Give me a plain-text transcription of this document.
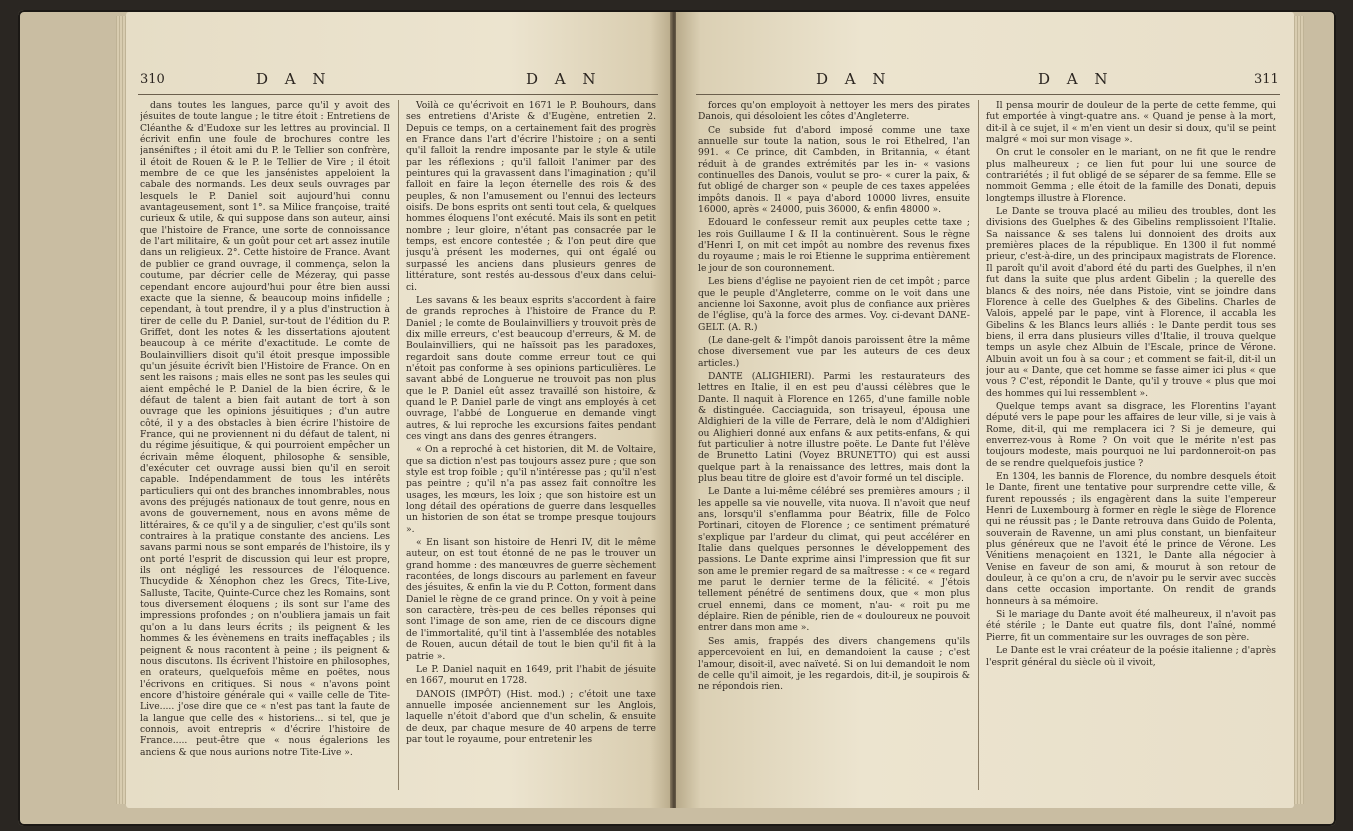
310	D A N	D A N

dans toutes les langues, parce qu'il y avoit des jésuites de toute langue ; le titre étoit : Entretiens de Cléanthe & d'Eudoxe sur les lettres au provincial. Il écrivit enfin une foule de brochures contre les janséniftes ; il étoit ami du P. le Tellier son confrère, il étoit de Rouen & le P. le Tellier de Vire ; il étoit membre de ce que les jansénistes appeloient la cabale des normands. Les deux seuls ouvrages par lesquels le P. Daniel soit aujourd'hui connu avantageusement, sont 1°. sa Milice françoise, traité curieux & utile, & qui suppose dans son auteur, ainsi que l'histoire de France, une sorte de connoissance de l'art militaire, & un goût pour cet art assez inutile dans un religieux. 2°. Cette histoire de France. Avant de publier ce grand ouvrage, il commença, selon la coutume, par décrier celle de Mézeray, qui passe cependant encore aujourd'hui pour être bien aussi exacte que la sienne, & beaucoup moins infidelle ; cependant, à tout prendre, il y a plus d'instruction à tirer de celle du P. Daniel, sur-tout de l'édition du P. Griffet, dont les notes & les dissertations ajoutent beaucoup à ce mérite d'exactitude. Le comte de Boulainvilliers disoit qu'il étoit presque impossible qu'un jésuite écrivît bien l'Histoire de France. On en sent les raisons ; mais elles ne sont pas les seules qui aient empêché le P. Daniel de la bien écrire, & le défaut de talent a bien fait autant de tort à son ouvrage que les opinions jésuitiques ; d'un autre côté, il y a des obstacles à bien écrire l'histoire de France, qui ne proviennent ni du défaut de talent, ni du régime jésuitique, & qui pourroient empêcher un écrivain même éloquent, philosophe & sensible, d'exécuter cet ouvrage aussi bien qu'il en seroit capable. Indépendamment de tous les intérêts particuliers qui ont des branches innombrables, nous avons des préjugés nationaux de tout genre, nous en avons de gouvernement, nous en avons même de littéraires, & ce qu'il y a de singulier, c'est qu'ils sont contraires à la pratique constante des anciens. Les savans parmi nous se sont emparés de l'histoire, ils y ont porté l'esprit de discussion qui leur est propre, ils ont négligé les ressources de l'éloquence. Thucydide & Xénophon chez les Grecs, Tite-Live, Salluste, Tacite, Quinte-Curce chez les Romains, sont tous diversement éloquens ; ils sont sur l'ame des impressions profondes ; on n'oubliera jamais un fait qu'on a lu dans leurs écrits ; ils peignent & les hommes & les évènemens en traits ineffaçables ; ils peignent & nous racontent à peine ; ils peignent & nous discutons. Ils écrivent l'histoire en philosophes, en orateurs, quelquefois même en poëtes, nous l'écrivons en critiques. Si nous « n'avons point encore d'histoire générale qui « vaille celle de Tite-Live..... j'ose dire que ce « n'est pas tant la faute de la langue que celle des « historiens... si tel, que je connois, avoit entrepris « d'écrire l'histoire de France..... peut-être que « nous égalerions les anciens & que nous aurions notre Tite-Live ».

Voilà ce qu'écrivoit en 1671 le P. Bouhours, dans ses entretiens d'Ariste & d'Eugène, entretien 2. Depuis ce temps, on a certainement fait des progrès en France dans l'art d'écrire l'histoire ; on a senti qu'il falloit la rendre imposante par le style & utile par les réflexions ; qu'il falloit l'animer par des peintures qui la gravassent dans l'imagination ; qu'il falloit en faire la leçon éternelle des rois & des peuples, & non l'amusement ou l'ennui des lecteurs oisifs. De bons esprits ont senti tout cela, & quelques hommes éloquens l'ont exécuté. Mais ils sont en petit nombre ; leur gloire, n'étant pas consacrée par le temps, est encore contestée ; & l'on peut dire que jusqu'à présent les modernes, qui ont égalé ou surpassé les anciens dans plusieurs genres de littérature, sont restés au-dessous d'eux dans celui-ci.

Les savans & les beaux esprits s'accordent à faire de grands reproches à l'histoire de France du P. Daniel ; le comte de Boulainvilliers y trouvoit près de dix mille erreurs, c'est beaucoup d'erreurs, & M. de Boulainvilliers, qui ne haïssoit pas les paradoxes, regardoit sans doute comme erreur tout ce qui n'étoit pas conforme à ses opinions particulières. Le savant abbé de Longuerue ne trouvoit pas non plus que le P. Daniel eût assez travaillé son histoire, & quand le P. Daniel parle de vingt ans employés à cet ouvrage, l'abbé de Longuerue en demande vingt autres, & lui reproche les excursions faites pendant ces vingt ans dans des genres étrangers.

« On a reproché à cet historien, dit M. de Voltaire, que sa diction n'est pas toujours assez pure ; que son style est trop foible ; qu'il n'intéresse pas ; qu'il n'est pas peintre ; qu'il n'a pas assez fait connoître les usages, les mœurs, les loix ; que son histoire est un long détail des opérations de guerre dans lesquelles un historien de son état se trompe presque toujours ».

« En lisant son histoire de Henri IV, dit le même auteur, on est tout étonné de ne pas le trouver un grand homme : des manœuvres de guerre sèchement racontées, de longs discours au parlement en faveur des jésuites, & enfin la vie du P. Cotton, forment dans Daniel le règne de ce grand prince. On y voit à peine son caractère, très-peu de ces belles réponses qui sont l'image de son ame, rien de ce discours digne de l'immortalité, qu'il tint à l'assemblée des notables de Rouen, aucun détail de tout le bien qu'il fit à la patrie ».

Le P. Daniel naquit en 1649, prit l'habit de jésuite en 1667, mourut en 1728.

DANOIS (IMPÔT) (Hist. mod.) ; c'étoit une taxe annuelle imposée anciennement sur les Anglois, laquelle n'étoit d'abord que d'un schelin, & ensuite de deux, par chaque mesure de 40 arpens de terre par tout le royaume, pour entretenir les

D A N	D A N	311

forces qu'on employoit à nettoyer les mers des pirates Danois, qui désoloient les côtes d'Angleterre.

Ce subside fut d'abord imposé comme une taxe annuelle sur toute la nation, sous le roi Ethelred, l'an 991. « Ce prince, dit Cambden, in Britannia, « étant réduit à de grandes extrémités par les in- « vasions continuelles des Danois, voulut se pro- « curer la paix, & fut obligé de charger son « peuple de ces taxes appelées impôts danois. Il « paya d'abord 10000 livres, ensuite 16000, après « 24000, puis 36000, & enfin 48000 ».

Edouard le confesseur remit aux peuples cette taxe ; les rois Guillaume I & II la continuèrent. Sous le règne d'Henri I, on mit cet impôt au nombre des revenus fixes du royaume ; mais le roi Etienne le supprima entièrement le jour de son couronnement.

Les biens d'église ne payoient rien de cet impôt ; parce que le peuple d'Angleterre, comme on le voit dans une ancienne loi Saxonne, avoit plus de confiance aux prières de l'église, qu'à la force des armes. Voy. ci-devant DANE-GELT. (A. R.)

(Le dane-gelt & l'impôt danois paroissent être la même chose diversement vue par les auteurs de ces deux articles.)

DANTE (ALIGHIERI). Parmi les restaurateurs des lettres en Italie, il en est peu d'aussi célèbres que le Dante. Il naquit à Florence en 1265, d'une famille noble & distinguée. Cacciaguida, son trisayeul, épousa une Aldighieri de la ville de Ferrare, delà le nom d'Aldighieri ou Alighieri donné aux enfans & aux petits-enfans, & qui fut particulier à notre illustre poëte. Le Dante fut l'élève de Brunetto Latini (Voyez BRUNETTO) qui est aussi quelque part à la renaissance des lettres, mais dont la plus beau titre de gloire est d'avoir formé un tel disciple.

Le Dante a lui-même célébré ses premières amours ; il les appelle sa vie nouvelle, vita nuova. Il n'avoit que neuf ans, lorsqu'il s'enflamma pour Béatrix, fille de Folco Portinari, citoyen de Florence ; ce sentiment prématuré s'explique par l'ardeur du climat, qui peut accélérer en Italie dans quelques personnes le développement des passions. Le Dante exprime ainsi l'impression que fit sur son ame le premier regard de sa maîtresse : « ce « regard me parut le dernier terme de la félicité. « J'étois tellement pénétré de sentimens doux, que « mon plus cruel ennemi, dans ce moment, n'au- « roit pu me déplaire. Rien de pénible, rien de « douloureux ne pouvoit entrer dans mon ame ».

Ses amis, frappés des divers changemens qu'ils appercevoient en lui, en demandoient la cause ; c'est l'amour, disoit-il, avec naïveté. Si on lui demandoit le nom de celle qu'il aimoit, je les regardois, dit-il, je soupirois & ne répondois rien.

Il pensa mourir de douleur de la perte de cette femme, qui fut emportée à vingt-quatre ans. « Quand je pense à la mort, dit-il à ce sujet, il « m'en vient un desir si doux, qu'il se peint malgré « moi sur mon visage ».

On crut le consoler en le mariant, on ne fit que le rendre plus malheureux ; ce lien fut pour lui une source de contrariétés ; il fut obligé de se séparer de sa femme. Elle se nommoit Gemma ; elle étoit de la famille des Donati, depuis longtemps illustre à Florence.

Le Dante se trouva placé au milieu des troubles, dont les divisions des Guelphes & des Gibelins remplissoient l'Italie. Sa naissance & ses talens lui donnoient des droits aux premières places de la république. En 1300 il fut nommé prieur, c'est-à-dire, un des principaux magistrats de Florence. Il paroît qu'il avoit d'abord été du parti des Guelphes, il n'en fut dans la suite que plus ardent Gibelin ; la querelle des blancs & des noirs, née dans Pistoie, vint se joindre dans Florence à celle des Guelphes & des Gibelins. Charles de Valois, appelé par le pape, vint à Florence, il accabla les Gibelins & les Blancs leurs alliés : le Dante perdit tous ses biens, il erra dans plusieurs villes d'Italie, il trouva quelque temps un asyle chez Albuin de l'Escale, prince de Vérone. Albuin avoit un fou à sa cour ; et comment se fait-il, dit-il un jour au « Dante, que cet homme se fasse aimer ici plus « que vous ? C'est, répondit le Dante, qu'il y trouve « plus que moi des hommes qui lui ressemblent ».

Quelque temps avant sa disgrace, les Florentins l'ayant député vers le pape pour les affaires de leur ville, si je vais à Rome, dit-il, qui me remplacera ici ? Si je demeure, qui enverrez-vous à Rome ? On voit que le mérite n'est pas toujours modeste, mais pourquoi ne lui pardonneroit-on pas de se rendre quelquefois justice ?

En 1304, les bannis de Florence, du nombre desquels étoit le Dante, firent une tentative pour surprendre cette ville, & furent repoussés ; ils engagèrent dans la suite l'empereur Henri de Luxembourg à former en règle le siège de Florence qui ne réussit pas ; le Dante retrouva dans Guido de Polenta, souverain de Ravenne, un ami plus constant, un bienfaiteur plus généreux que ne l'avoit été le prince de Vérone. Les Vénitiens menaçoient en 1321, le Dante alla négocier à Venise en faveur de son ami, & mourut à son retour de douleur, à ce qu'on a cru, de n'avoir pu le servir avec succès dans cette occasion importante. On rendit de grands honneurs à sa mémoire.

Si le mariage du Dante avoit été malheureux, il n'avoit pas été stérile ; le Dante eut quatre fils, dont l'aîné, nommé Pierre, fit un commentaire sur les ouvrages de son père.

Le Dante est le vrai créateur de la poésie italienne ; d'après l'esprit général du siècle où il vivoit,
